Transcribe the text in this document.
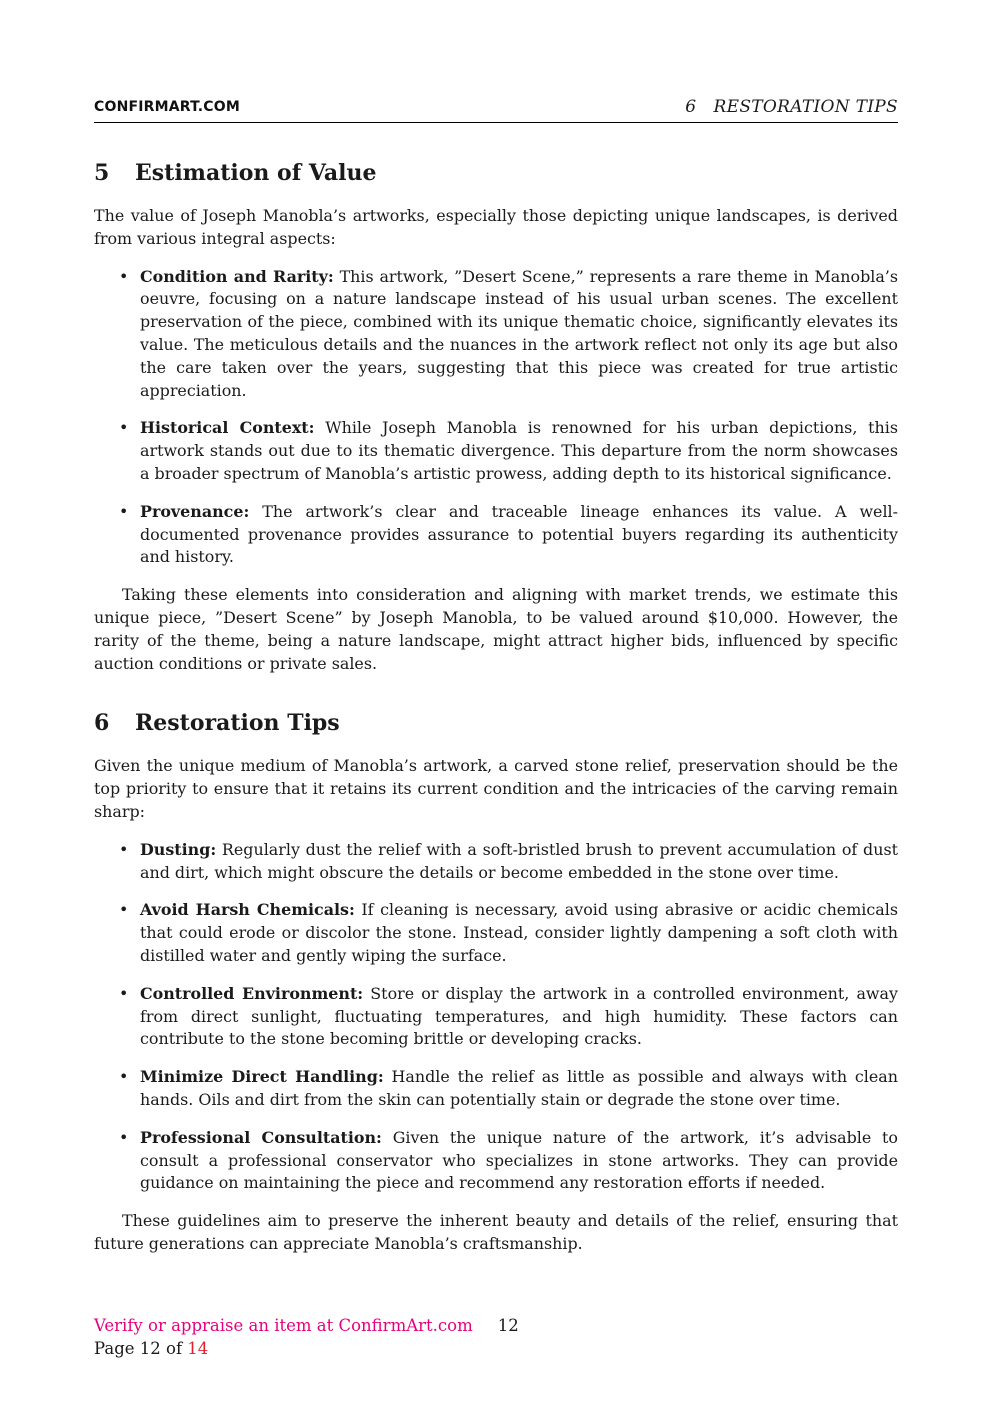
CONFIRMART.COM	6   RESTORATION TIPS
5 Estimation of Value

The value of Joseph Manobla’s artworks, especially those depicting unique landscapes, is derived from various integral aspects:

• Condition and Rarity: This artwork, ”Desert Scene,” represents a rare theme in Manobla’s oeuvre, focusing on a nature landscape instead of his usual urban scenes. The excellent preservation of the piece, combined with its unique thematic choice, significantly elevates its value. The meticulous details and the nuances in the artwork reflect not only its age but also the care taken over the years, suggesting that this piece was created for true artistic appreciation.
• Historical Context: While Joseph Manobla is renowned for his urban depictions, this artwork stands out due to its thematic divergence. This departure from the norm showcases a broader spectrum of Manobla’s artistic prowess, adding depth to its historical significance.
• Provenance: The artwork’s clear and traceable lineage enhances its value. A well-documented provenance provides assurance to potential buyers regarding its authenticity and history.

Taking these elements into consideration and aligning with market trends, we estimate this unique piece, ”Desert Scene” by Joseph Manobla, to be valued around $10,000. However, the rarity of the theme, being a nature landscape, might attract higher bids, influenced by specific auction conditions or private sales.

6 Restoration Tips

Given the unique medium of Manobla’s artwork, a carved stone relief, preservation should be the top priority to ensure that it retains its current condition and the intricacies of the carving remain sharp:

• Dusting: Regularly dust the relief with a soft-bristled brush to prevent accumulation of dust and dirt, which might obscure the details or become embedded in the stone over time.
• Avoid Harsh Chemicals: If cleaning is necessary, avoid using abrasive or acidic chemicals that could erode or discolor the stone. Instead, consider lightly dampening a soft cloth with distilled water and gently wiping the surface.
• Controlled Environment: Store or display the artwork in a controlled environment, away from direct sunlight, fluctuating temperatures, and high humidity. These factors can contribute to the stone becoming brittle or developing cracks.
• Minimize Direct Handling: Handle the relief as little as possible and always with clean hands. Oils and dirt from the skin can potentially stain or degrade the stone over time.
• Professional Consultation: Given the unique nature of the artwork, it’s advisable to consult a professional conservator who specializes in stone artworks. They can provide guidance on maintaining the piece and recommend any restoration efforts if needed.

These guidelines aim to preserve the inherent beauty and details of the relief, ensuring that future generations can appreciate Manobla’s craftsmanship.

Verify or appraise an item at ConfirmArt.com 12
Page 12 of 14
